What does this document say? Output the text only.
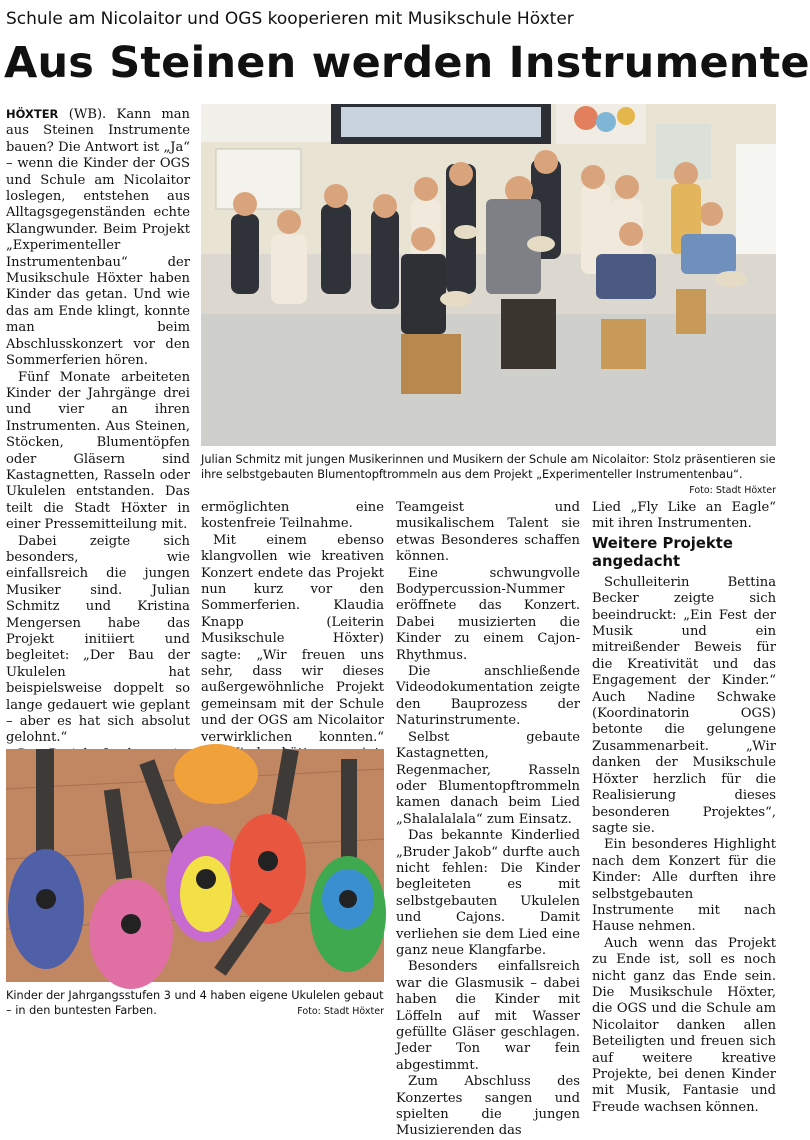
Schule am Nicolaitor und OGS kooperieren mit Musikschule Höxter
Aus Steinen werden Instrumente

HÖXTER (WB). Kann man aus Steinen Instrumente bauen? Die Antwort ist „Ja“ – wenn die Kinder der OGS und Schule am Nicolaitor loslegen, entstehen aus Alltagsgegenständen echte Klangwunder. Beim Projekt „Experimenteller Instrumentenbau“ der Musikschule Höxter haben Kinder das getan. Und wie das am Ende klingt, konnte man beim Abschlusskonzert vor den Sommerferien hören.

Fünf Monate arbeiteten Kinder der Jahrgänge drei und vier an ihren Instrumenten. Aus Steinen, Stöcken, Blumentöpfen oder Gläsern sind Kastagnetten, Rasseln oder Ukulelen entstanden. Das teilt die Stadt Höxter in einer Pressemitteilung mit.

Dabei zeigte sich besonders, wie einfallsreich die jungen Musiker sind. Julian Schmitz und Kristina Mengersen habe das Projekt initiiert und begleitet: „Der Bau der Ukulelen hat beispielsweise doppelt so lange gedauert wie geplant – aber es hat sich absolut gelohnt.“

Julian Schmitz mit jungen Musikerinnen und Musikern der Schule am Nicolaitor: Stolz präsentieren sie ihre selbstgebauten Blumentopftrommeln aus dem Projekt „Experimenteller Instrumentenbau“.
Foto: Stadt Höxter

ermöglichten eine kostenfreie Teilnahme.

Mit einem ebenso klangvollen wie kreativen Konzert endete das Projekt nun kurz vor den Sommerferien. Klaudia Knapp (Leiterin Musikschule Höxter) sagte: „Wir freuen uns sehr, dass wir dieses außergewöhnliche Projekt gemeinsam mit der Schule und der OGS am Nicolaitor verwirklichen konnten.“

Kinder der Jahrgangsstufen 3 und 4 haben eigene Ukulelen gebaut – in den buntesten Farben.	Foto: Stadt Höxter

Teamgeist und musikalischem Talent sie etwas Besonderes schaffen können.

Eine schwungvolle Bodypercussion-Nummer eröffnete das Konzert. Dabei musizierten die Kinder zu einem Cajon-Rhythmus.

Die anschließende Videodokumentation zeigte den Bauprozess der Naturinstrumente.

Selbst gebaute Kastagnetten, Regenmacher, Rasseln oder Blumentopftrommeln kamen danach beim Lied „Shalalalala“ zum Einsatz.

Das bekannte Kinderlied „Bruder Jakob“ durfte auch nicht fehlen: Die Kinder begleiteten es mit selbstgebauten Ukulelen und Cajons. Damit verliehen sie dem Lied eine ganz neue Klangfarbe.

Besonders einfallsreich war die Glasmusik – dabei haben die Kinder mit Löffeln auf mit Wasser gefüllte Gläser geschlagen. Jeder Ton war fein abgestimmt.

Zum Abschluss des Konzertes sangen und spielten die jungen Musizierenden das

Lied „Fly Like an Eagle“ mit ihren Instrumenten.

Weitere Projekte angedacht

Schulleiterin Bettina Becker zeigte sich beeindruckt: „Ein Fest der Musik und ein mitreißender Beweis für die Kreativität und das Engagement der Kinder.“ Auch Nadine Schwake (Koordinatorin OGS) betonte die gelungene Zusammenarbeit. „Wir danken der Musikschule Höxter herzlich für die Realisierung dieses besonderen Projektes“, sagte sie.

Ein besonderes Highlight nach dem Konzert für die Kinder: Alle durften ihre selbstgebauten Instrumente mit nach Hause nehmen.

Auch wenn das Projekt zu Ende ist, soll es noch nicht ganz das Ende sein. Die Musikschule Höxter, die OGS und die Schule am Nicolaitor danken allen Beteiligten und freuen sich auf weitere kreative Projekte, bei denen Kinder mit Musik, Fantasie und Freude wachsen können.
